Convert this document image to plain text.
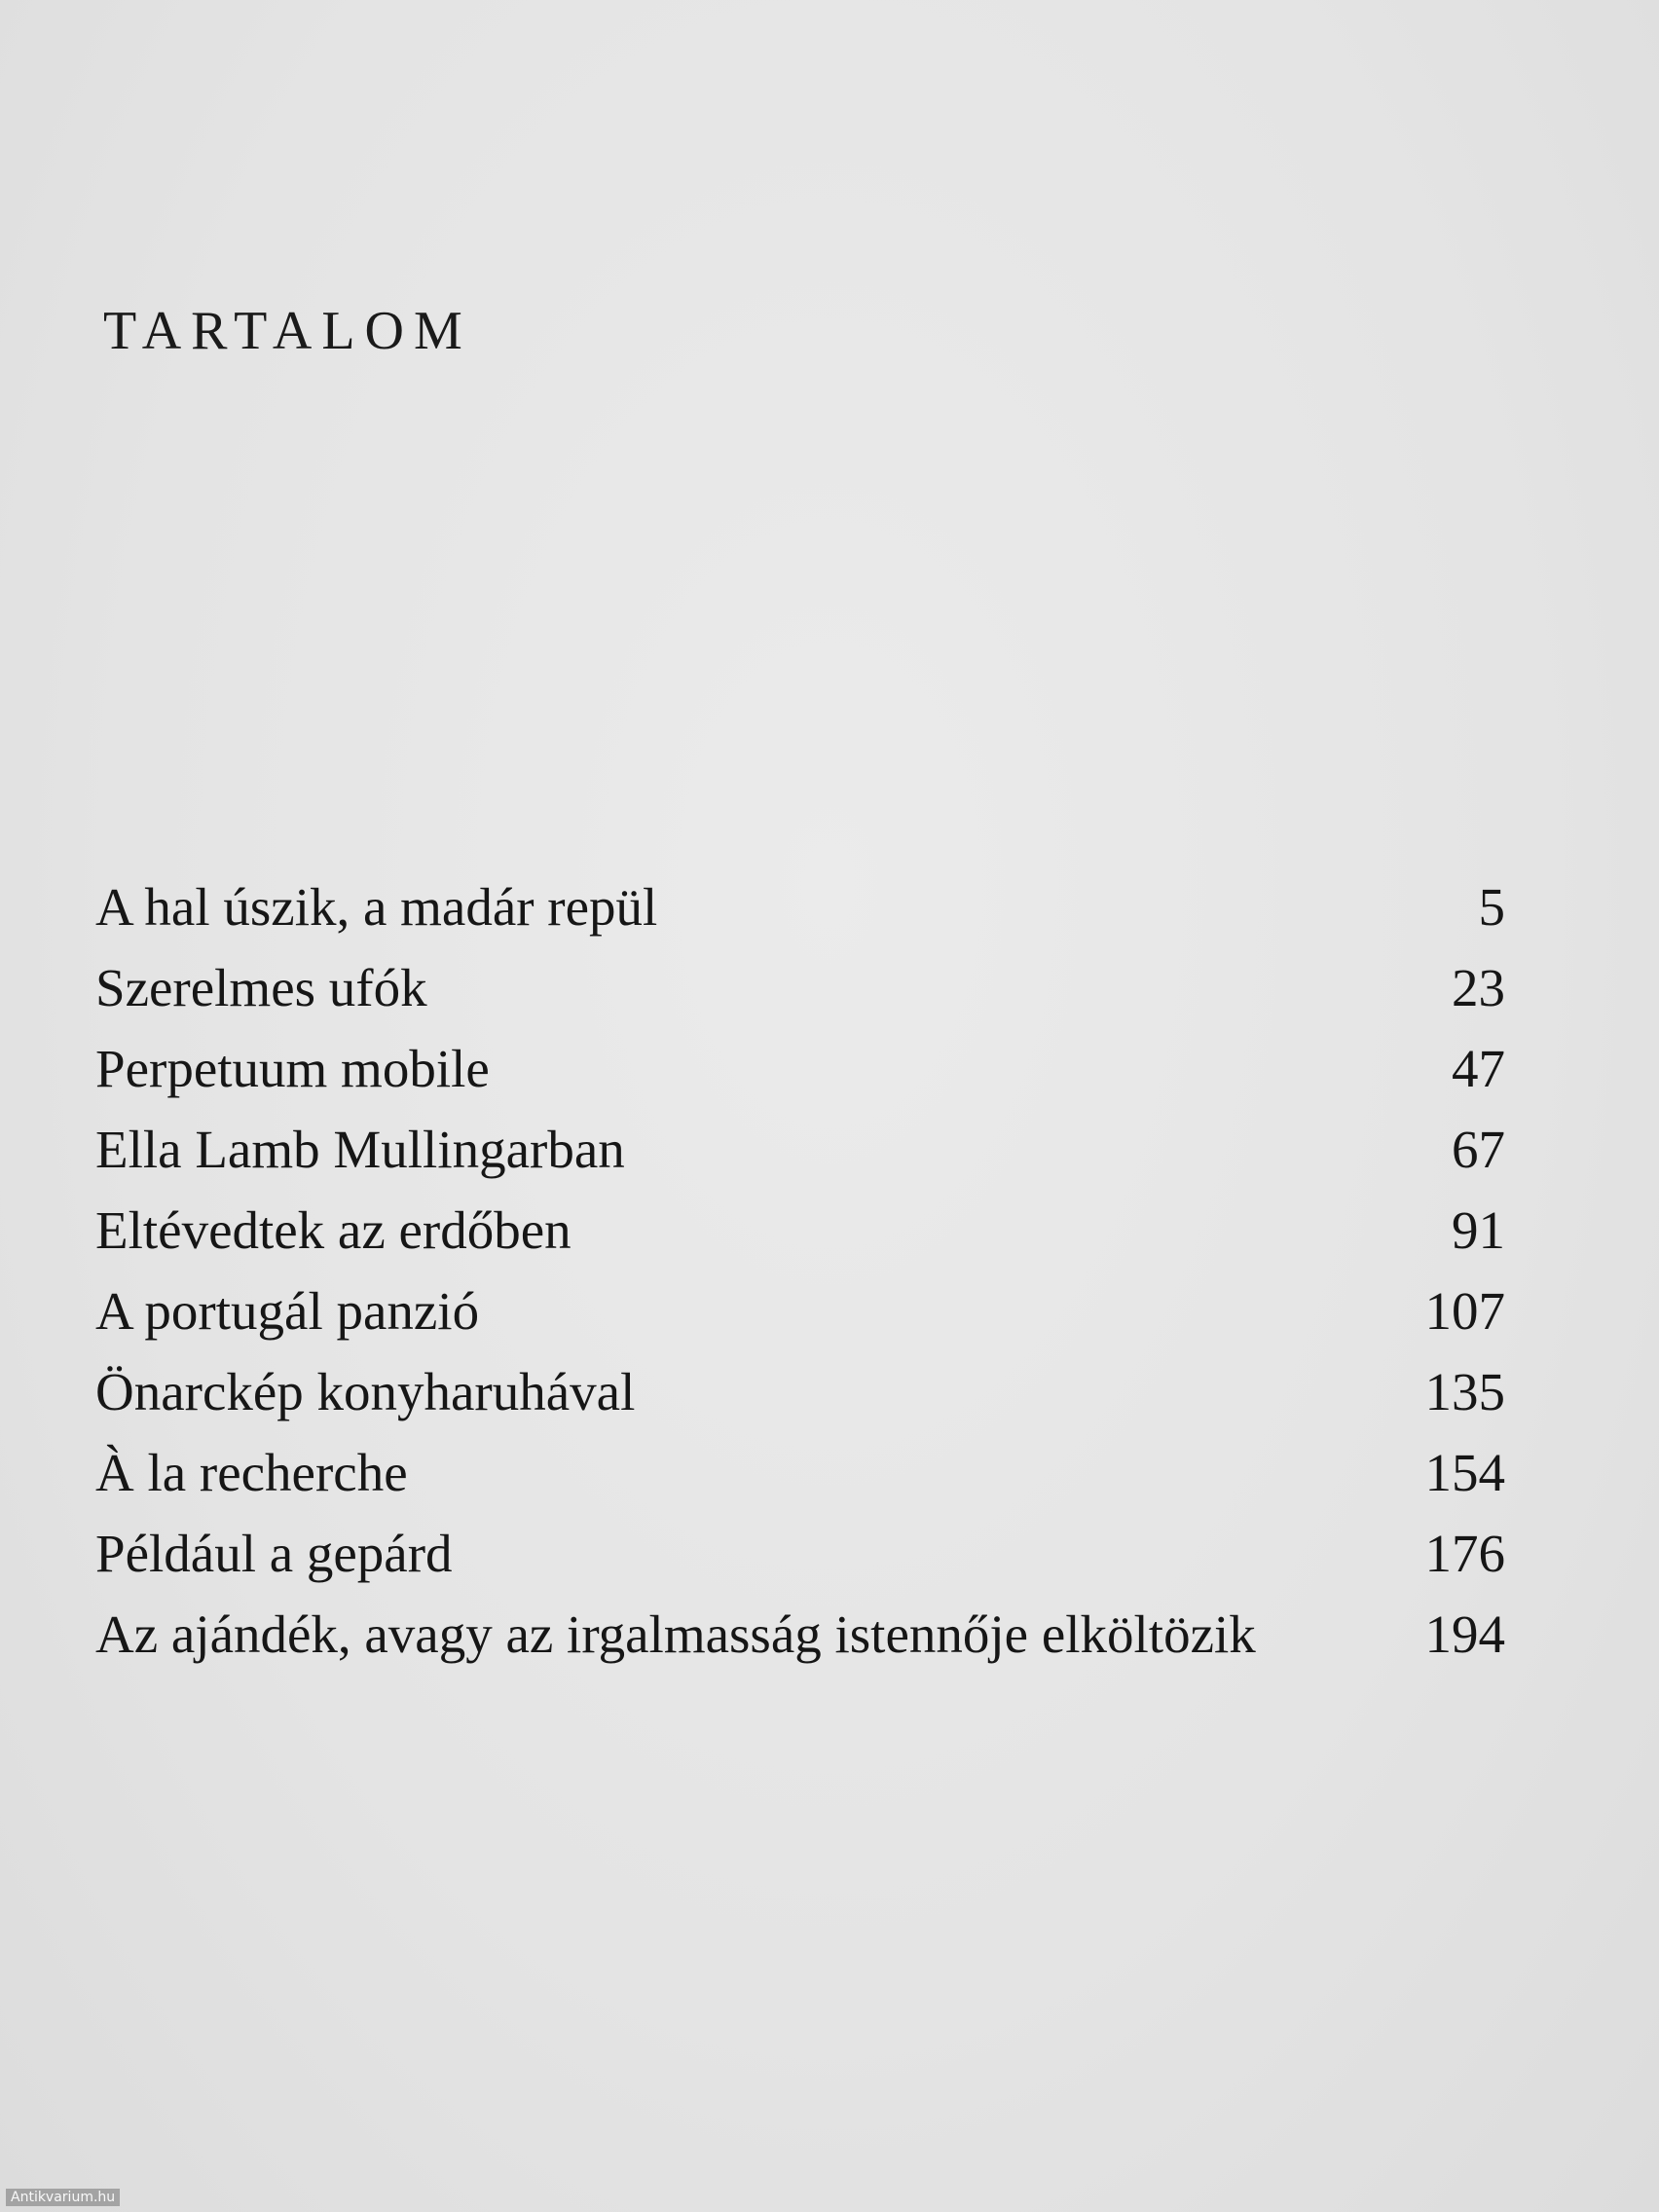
TARTALOM
A hal úszik, a madár repül	5
Szerelmes ufók	23
Perpetuum mobile	47
Ella Lamb Mullingarban	67
Eltévedtek az erdőben	91
A portugál panzió	107
Önarckép konyharuhával	135
À la recherche	154
Például a gepárd	176
Az ajándék, avagy az irgalmasság istennője elköltözik	194
Antikvarium.hu
